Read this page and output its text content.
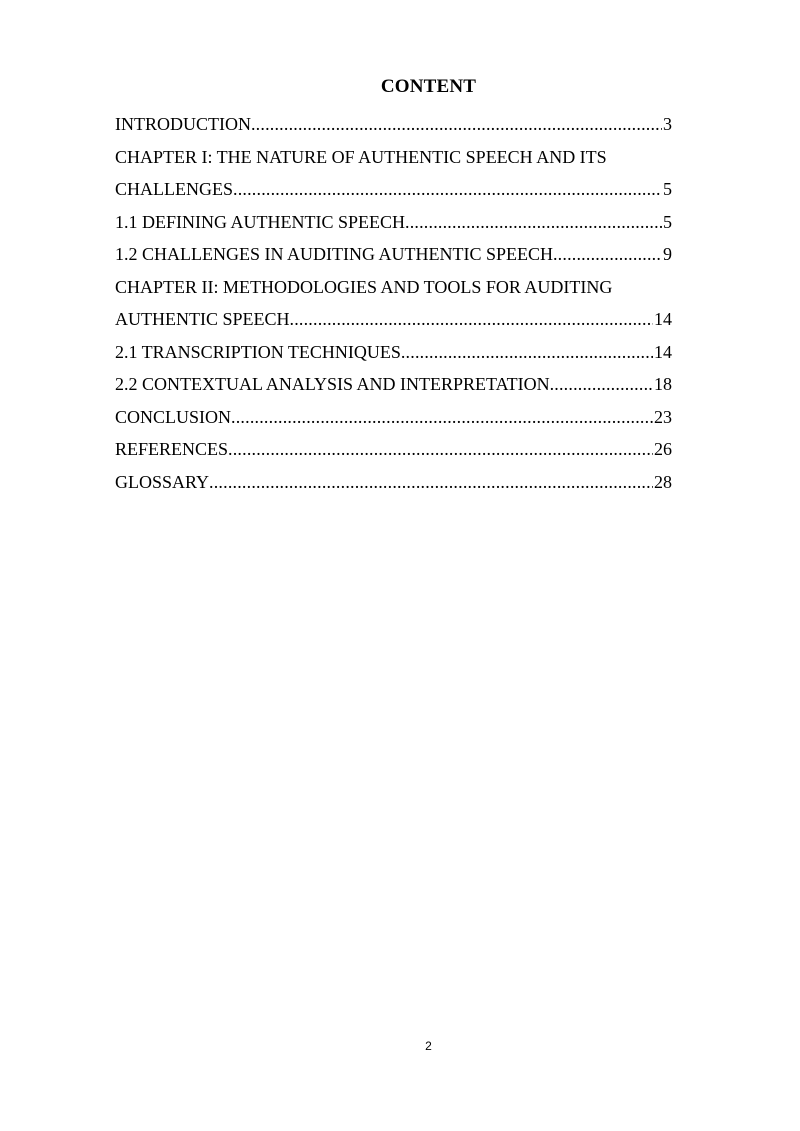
CONTENT
INTRODUCTION .....	3
CHAPTER I: THE NATURE OF AUTHENTIC SPEECH AND ITS
CHALLENGES .....	5
1.1 DEFINING AUTHENTIC SPEECH .....	5
1.2 CHALLENGES IN AUDITING AUTHENTIC SPEECH .....	9
CHAPTER II: METHODOLOGIES AND TOOLS FOR AUDITING
AUTHENTIC SPEECH .....	14
2.1 TRANSCRIPTION TECHNIQUES .....	14
2.2 CONTEXTUAL ANALYSIS AND INTERPRETATION .....	18
CONCLUSION .....	23
REFERENCES .....	26
GLOSSARY .....	28
2
